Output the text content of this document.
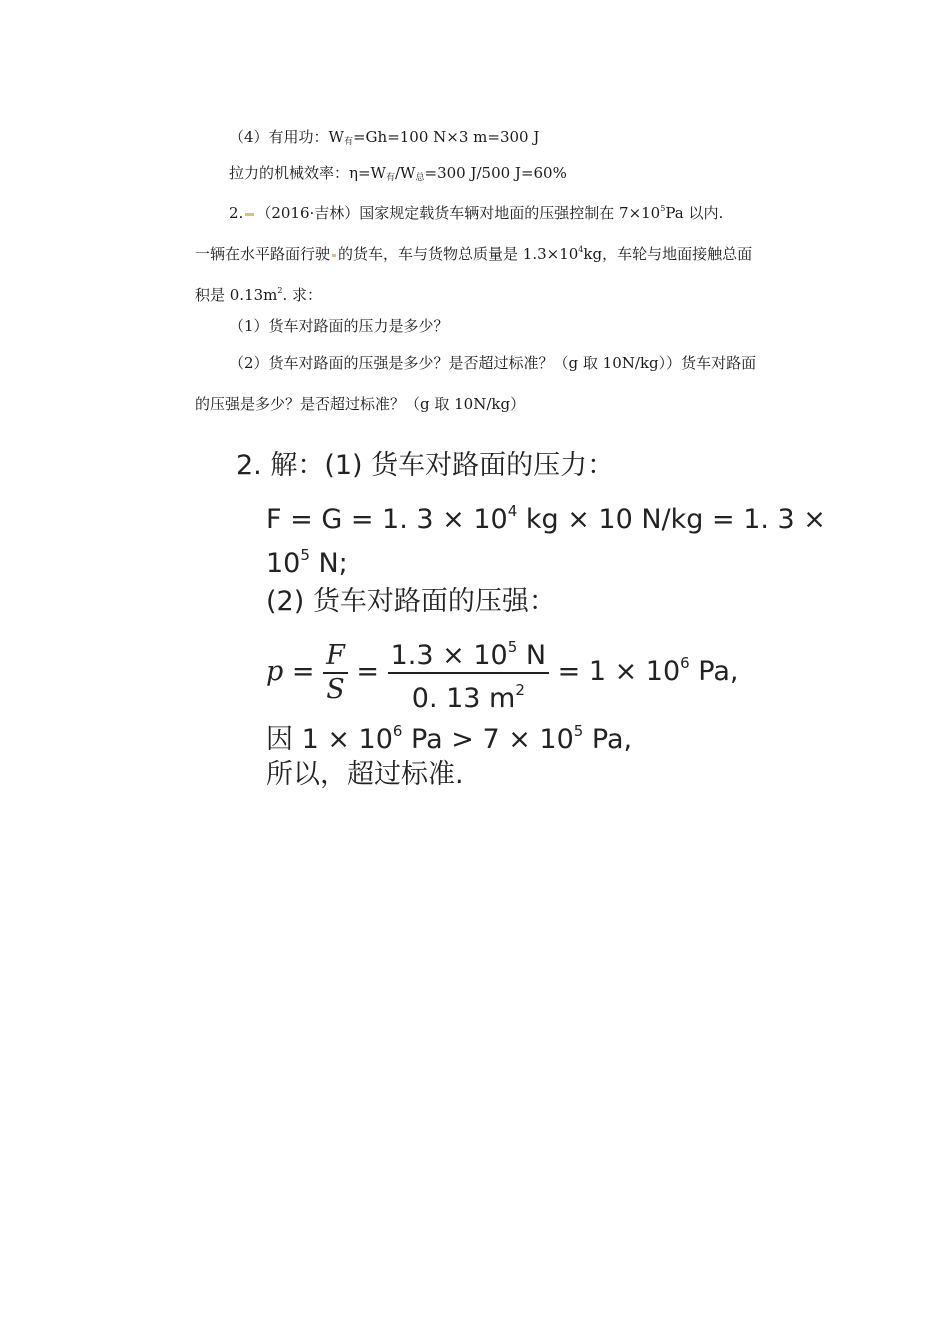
（4）有用功：$W_有=Gh=100$ N×3 m=300 J
拉力的机械效率：$\eta=W_有/W_总=300$ J/500 J=60%
2. （2016·吉林）国家规定载货车辆对地面的压强控制在 $7\times 10^5Pa$ 以内.
一辆在水平路面行驶 的货车，车与货物总质量是 $1.3\times 10^4kg$，车轮与地面接触总面
积是 $0.13m^2$. 求：
（1）货车对路面的压力是多少？
（2）货车对路面的压强是多少？是否超过标准？（g 取 10N/kg））货车对路面
的压强是多少？是否超过标准？（g 取 10N/kg）
2. 解：(1) 货车对路面的压力：
F = G = 1. $3 \times 10^4$ kg × 10 N/kg = 1. 3 ×
$10^5$ N;
(2) 货车对路面的压强：
$p = \frac{F}{S} = \frac{1.3 \times 10^5 N}{0. 13 m^2} = 1 \times 10^6$ Pa,
因 $1 \times 10^6$ $Pa > 7 \times 10^5$ Pa,
所以，超过标准.
